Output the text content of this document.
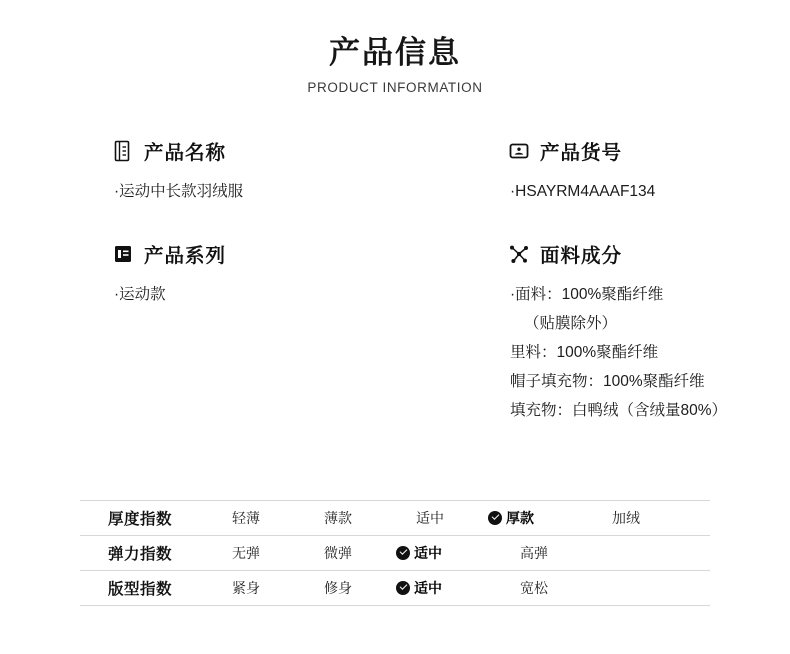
产品信息
PRODUCT INFORMATION
产品名称
·运动中长款羽绒服
产品系列
·运动款
产品货号
·HSAYRM4AAAF134
面料成分
·面料：100%聚酯纤维
（贴膜除外）
里料：100%聚酯纤维
帽子填充物：100%聚酯纤维
填充物：白鸭绒（含绒量80%）
厚度指数	轻薄	薄款	适中	厚款	加绒
弹力指数	无弹	微弹	适中	高弹
版型指数	紧身	修身	适中	宽松
